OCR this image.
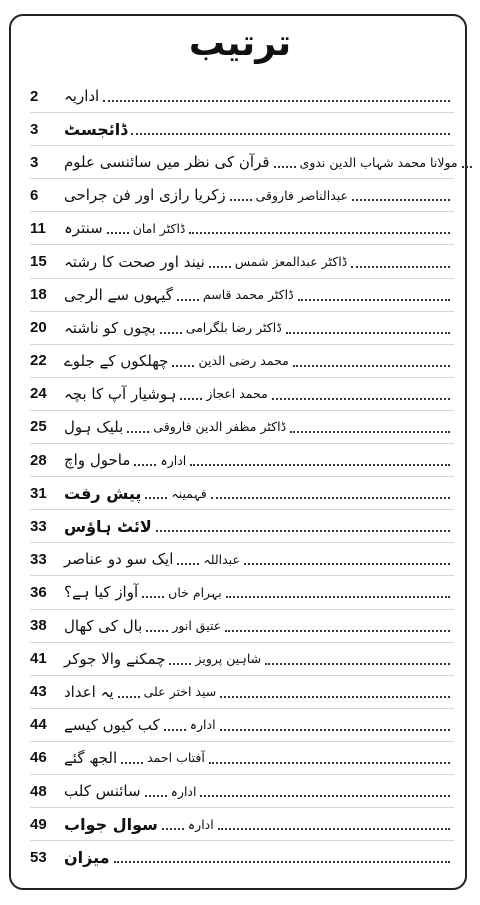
ترتیب
اداریہ
2
ڈائجسٹ
3
قرآن کی نظر میں سائنسی علوم مولانا محمد شہاب الدین ندوی
3
زکریا رازی اور فن جراحی عبدالناصر فاروقی
6
سنترہ ڈاکٹر امان
11
نیند اور صحت کا رشتہ ڈاکٹر عبدالمعز شمس
15
گیہوں سے الرجی ڈاکٹر محمد قاسم
18
بچوں کو ناشتہ ڈاکٹر رضا بلگرامی
20
چھلکوں کے جلوے محمد رضی الدین
22
ہوشیار آپ کا بچہ محمد اعجاز
24
بلیک ہول ڈاکٹر مظفر الدین فاروقی
25
ماحول واچ ادارہ
28
پیش رفت فہمینہ
31
لائٹ ہاؤس
33
ایک سو دو عناصر عبداللہ
33
آواز کیا ہے؟ بہرام خاں
36
بال کی کھال عتیق انور
38
چمکنے والا جوکر شاہین پرویز
41
یہ اعداد سید اختر علی
43
کب کیوں کیسے ادارہ
44
الجھ گئے آفتاب احمد
46
سائنس کلب ادارہ
48
سوال جواب ادارہ
49
میزان
53
